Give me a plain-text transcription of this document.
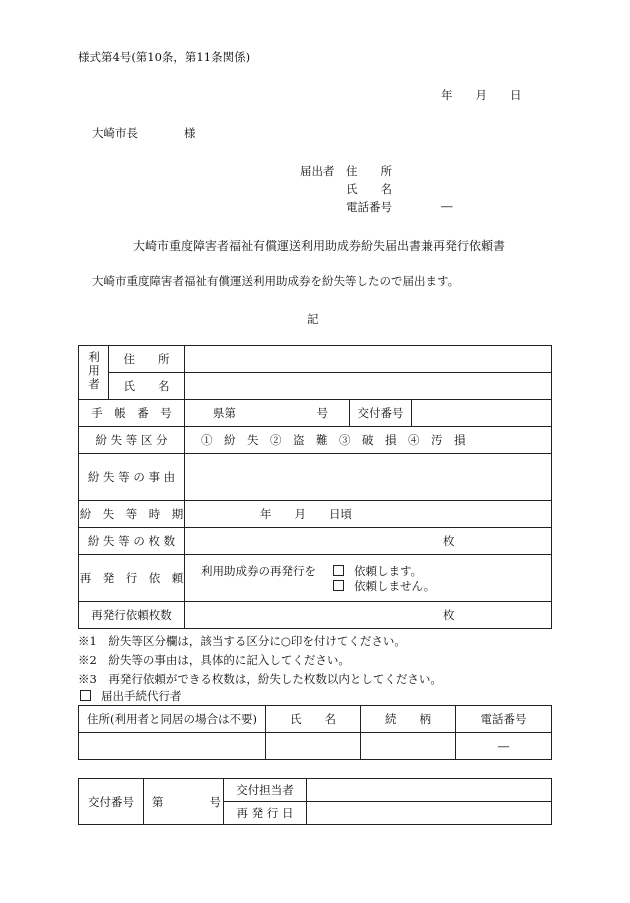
様式第4号(第10条，第11条関係)
年　　月　　日
大崎市長　　　　様
届出者 住　　所
氏　　名
電話番号	―
大崎市重度障害者福祉有償運送利用助成券紛失届出書兼再発行依頼書
大崎市重度障害者福祉有償運送利用助成券を紛失等したので届出ます。
記
利用者	住　　所			
	氏　　名			
手　帳　番　号		県第　　　　　　　号	交付番号	
紛 失 等 区 分		①　紛　失　②　盗　難　③　破　損　④　汚　損		
紛 失 等 の 事 由				
紛　失　等　時　期		年　　月　　日頃		
紛 失 等 の 枚 数		枚		
再　発　行　依　頼		利用助成券の再発行を 依頼します。
依頼しません。		

再発行依頼枚数		枚		
※1　紛失等区分欄は，該当する区分に○印を付けてください。
※2　紛失等の事由は，具体的に記入してください。
※3　再発行依頼ができる枚数は，紛失した枚数以内としてください。
届出手続代行者
住所(利用者と同居の場合は不要)	氏　　名	続　　柄	電話番号
			―
交付番号	第　　　　号	交付担当者	
		再 発 行 日	
